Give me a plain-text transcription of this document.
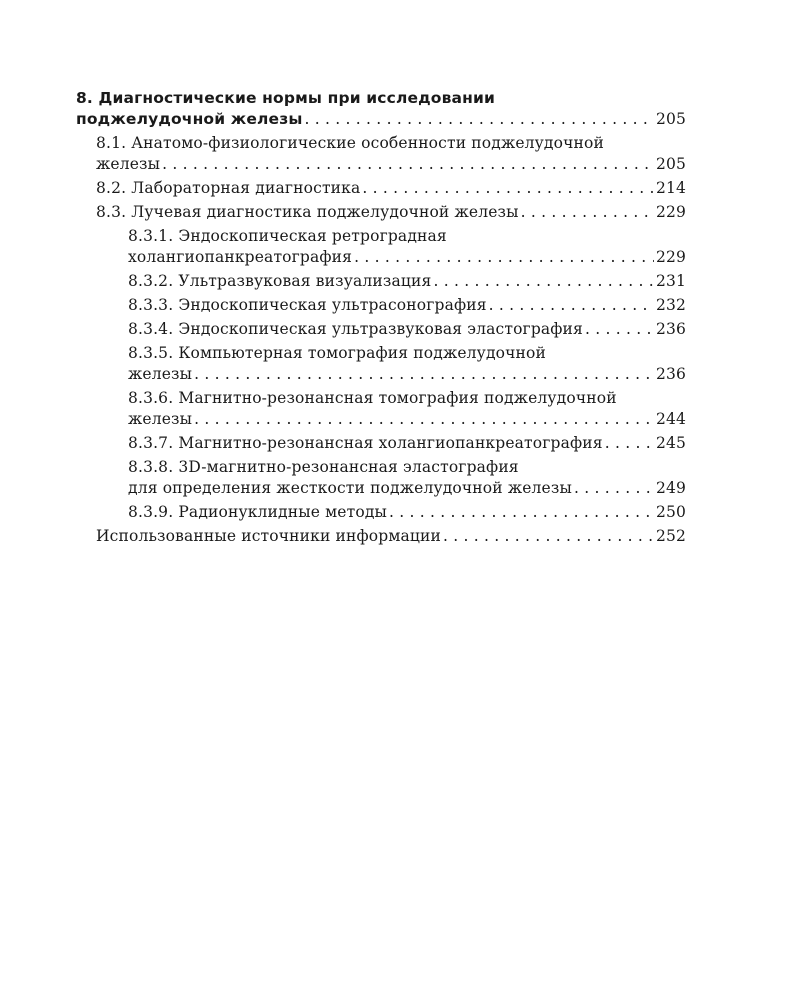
8. Диагностические нормы при исследовании
поджелудочной железы . . .	205
8.1. Анатомо-физиологические особенности поджелудочной
железы . . .	205
8.2. Лабораторная диагностика . . .	214
8.3. Лучевая диагностика поджелудочной железы . . .	229
8.3.1. Эндоскопическая ретроградная
холангиопанкреатография . . .	229
8.3.2. Ультразвуковая визуализация . . .	231
8.3.3. Эндоскопическая ультрасонография . . .	232
8.3.4. Эндоскопическая ультразвуковая эластография . . .	236
8.3.5. Компьютерная томография поджелудочной
железы . . .	236
8.3.6. Магнитно-резонансная томография поджелудочной
железы . . .	244
8.3.7. Магнитно-резонансная холангиопанкреатография . . .	245
8.3.8. 3D-магнитно-резонансная эластография
для определения жесткости поджелудочной железы . . .	249
8.3.9. Радионуклидные методы . . .	250
Использованные источники информации . . .	252
